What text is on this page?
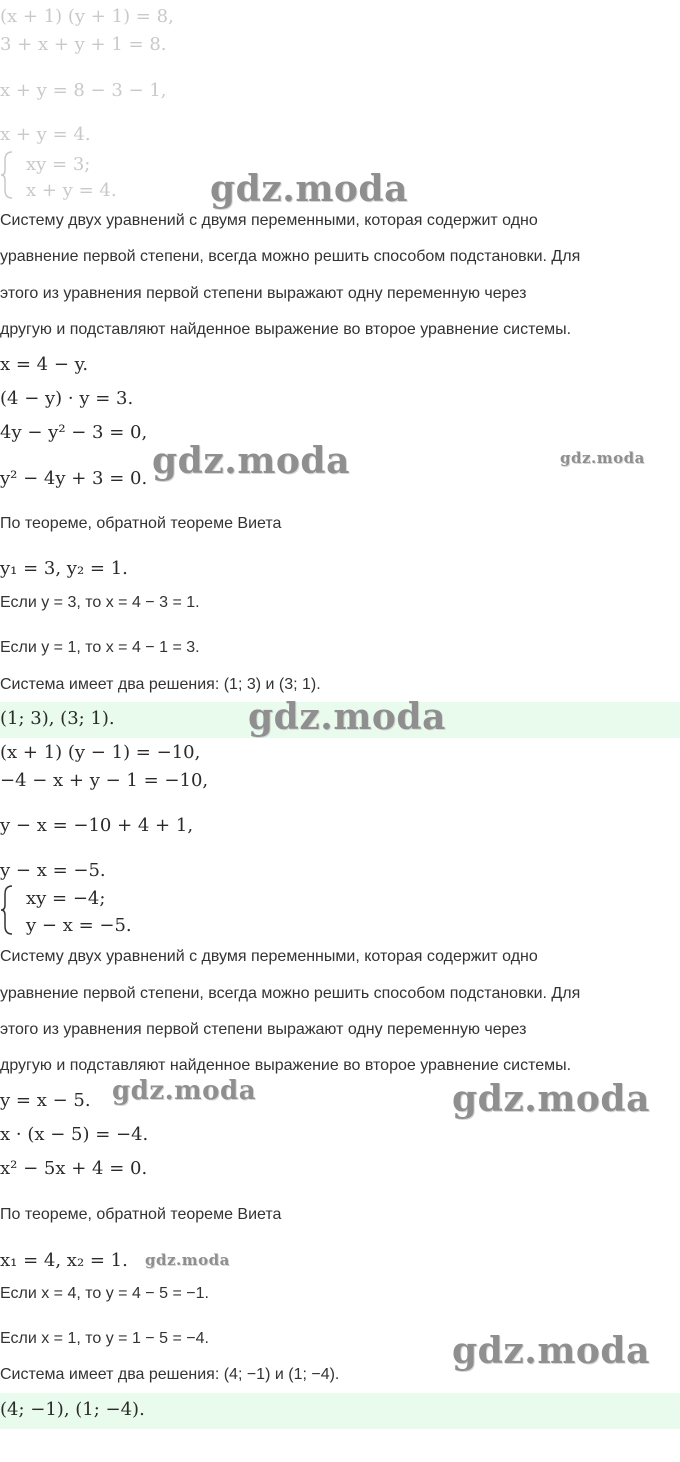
(x + 1) (y + 1) = 8,
3 + x + y + 1 = 8.
x + y = 8 − 3 − 1,
x + y = 4.
xy = 3;
x + y = 4.	gdz.moda
Систему двух уравнений с двумя переменными, которая содержит одно
уравнение первой степени, всегда можно решить способом подстановки. Для
этого из уравнения первой степени выражают одну переменную через
другую и подставляют найденное выражение во второе уравнение системы.
x = 4 − y.
(4 − y) · y = 3.
4y − y² − 3 = 0,
y² − 4y + 3 = 0. gdz.moda	gdz.moda
По теореме, обратной теореме Виета
y₁ = 3, y₂ = 1.
Если y = 3, то x = 4 − 3 = 1.
Если y = 1, то x = 4 − 1 = 3.
Система имеет два решения: (1; 3) и (3; 1).
(1; 3), (3; 1).	gdz.moda
(x + 1) (y − 1) = −10,
−4 − x + y − 1 = −10,
y − x = −10 + 4 + 1,
y − x = −5.
xy = −4;
y − x = −5.
Систему двух уравнений с двумя переменными, которая содержит одно
уравнение первой степени, всегда можно решить способом подстановки. Для
этого из уравнения первой степени выражают одну переменную через
другую и подставляют найденное выражение во второе уравнение системы.
y = x − 5. gdz.moda	gdz.moda
x · (x − 5) = −4.
x² − 5x + 4 = 0.
По теореме, обратной теореме Виета
x₁ = 4, x₂ = 1. gdz.moda
Если x = 4, то y = 4 − 5 = −1.
Если x = 1, то y = 1 − 5 = −4.
Система имеет два решения: (4; −1) и (1; −4).
gdz.moda
(4; −1), (1; −4).
